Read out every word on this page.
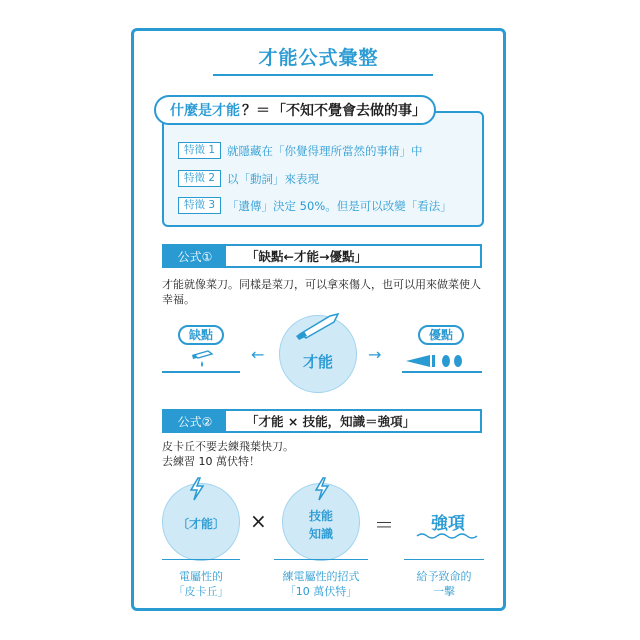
才能公式彙整
什麼是才能 ？＝ 「不知不覺會去做的事」
特徵 1	就隱藏在「你覺得理所當然的事情」中
特徵 2	以「動詞」來表現
特徵 3	「遺傳」決定 50%。但是可以改變「看法」
公式①	「缺點←才能→優點」
才能就像菜刀。同樣是菜刀，可以拿來傷人，也可以用來做菜使人幸福。
缺點
←	才能	→
優點
公式②	「才能 × 技能，知識＝強項」
皮卡丘不要去練飛葉快刀。
去練習 10 萬伏特！
〔才能〕	×	技能
知識	＝	強項
電屬性的
「皮卡丘」
練電屬性的招式
「10 萬伏特」
給予致命的
一擊
